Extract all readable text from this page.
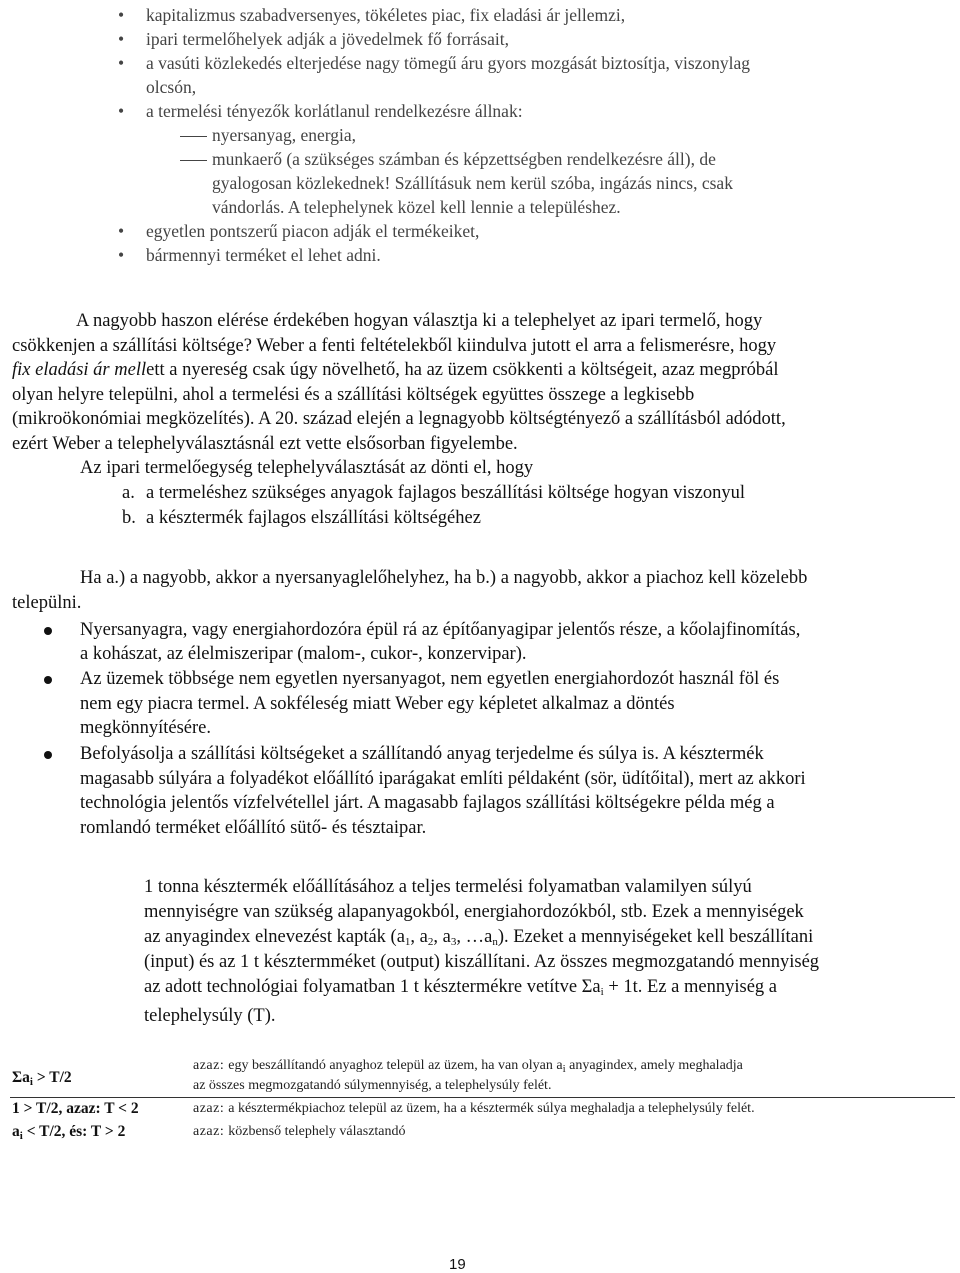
• kapitalizmus szabadversenyes, tökéletes piac, fix eladási ár jellemzi,
• ipari termelőhelyek adják a jövedelmek fő forrásait,
• a vasúti közlekedés elterjedése nagy tömegű áru gyors mozgását biztosítja, viszonylag
olcsón,
• a termelési tényezők korlátlanul rendelkezésre állnak:
nyersanyag, energia,
munkaerő (a szükséges számban és képzettségben rendelkezésre áll), de
gyalogosan közlekednek! Szállításuk nem kerül szóba, ingázás nincs, csak
vándorlás. A telephelynek közel kell lennie a településhez.
• egyetlen pontszerű piacon adják el termékeiket,
• bármennyi terméket el lehet adni.
A nagyobb haszon elérése érdekében hogyan választja ki a telephelyet az ipari termelő, hogy
csökkenjen a szállítási költsége? Weber a fenti feltételekből kiindulva jutott el arra a felismerésre, hogy
fix eladási ár mellett a nyereség csak úgy növelhető, ha az üzem csökkenti a költségeit, azaz megpróbál
olyan helyre települni, ahol a termelési és a szállítási költségek együttes összege a legkisebb
(mikroökonómiai megközelítés). A 20. század elején a legnagyobb költségtényező a szállításból adódott,
ezért Weber a telephelyválasztásnál ezt vette elsősorban figyelembe.
Az ipari termelőegység telephelyválasztását az dönti el, hogy
a. a termeléshez szükséges anyagok fajlagos beszállítási költsége hogyan viszonyul
b. a késztermék fajlagos elszállítási költségéhez
Ha a.) a nagyobb, akkor a nyersanyaglelőhelyhez, ha b.) a nagyobb, akkor a piachoz kell közelebb
települni.
Nyersanyagra, vagy energiahordozóra épül rá az építőanyagipar jelentős része, a kőolajfinomítás,
a kohászat, az élelmiszeripar (malom-, cukor-, konzervipar).
Az üzemek többsége nem egyetlen nyersanyagot, nem egyetlen energiahordozót használ föl és
nem egy piacra termel. A sokféleség miatt Weber egy képletet alkalmaz a döntés
megkönnyítésére.
Befolyásolja a szállítási költségeket a szállítandó anyag terjedelme és súlya is. A késztermék
magasabb súlyára a folyadékot előállító iparágakat említi példaként (sör, üdítőital), mert az akkori
technológia jelentős vízfelvétellel járt. A magasabb fajlagos szállítási költségekre példa még a
romlandó terméket előállító sütő- és tésztaipar.
1 tonna késztermék előállításához a teljes termelési folyamatban valamilyen súlyú
mennyiségre van szükség alapanyagokból, energiahordozókból, stb. Ezek a mennyiségek
az anyagindex elnevezést kapták ($a_1$, $a_2$, $a_3$, $\dots a_n$). Ezeket a mennyiségeket kell beszállítani
(input) és az 1 t késztermméket (output) kiszállítani. Az összes megmozgatandó mennyiség
az adott technológiai folyamatban 1 t késztermékre vetítve $\Sigma a_i + 1t$. Ez a mennyiség a
telephelysúly (T).
$\Sigma a_i > T/2$
azaz: egy beszállítandó anyaghoz települ az üzem, ha van olyan $a_i$ anyagindex, amely meghaladja
az összes megmozgatandó súlymennyiség, a telephelysúly felét.
1 > T/2, azaz: T < 2	azaz: a késztermékpiachoz települ az üzem, ha a késztermék súlya meghaladja a telephelysúly felét.
$a_i < T/2$, és: T > 2	azaz: közbenső telephely választandó
19
